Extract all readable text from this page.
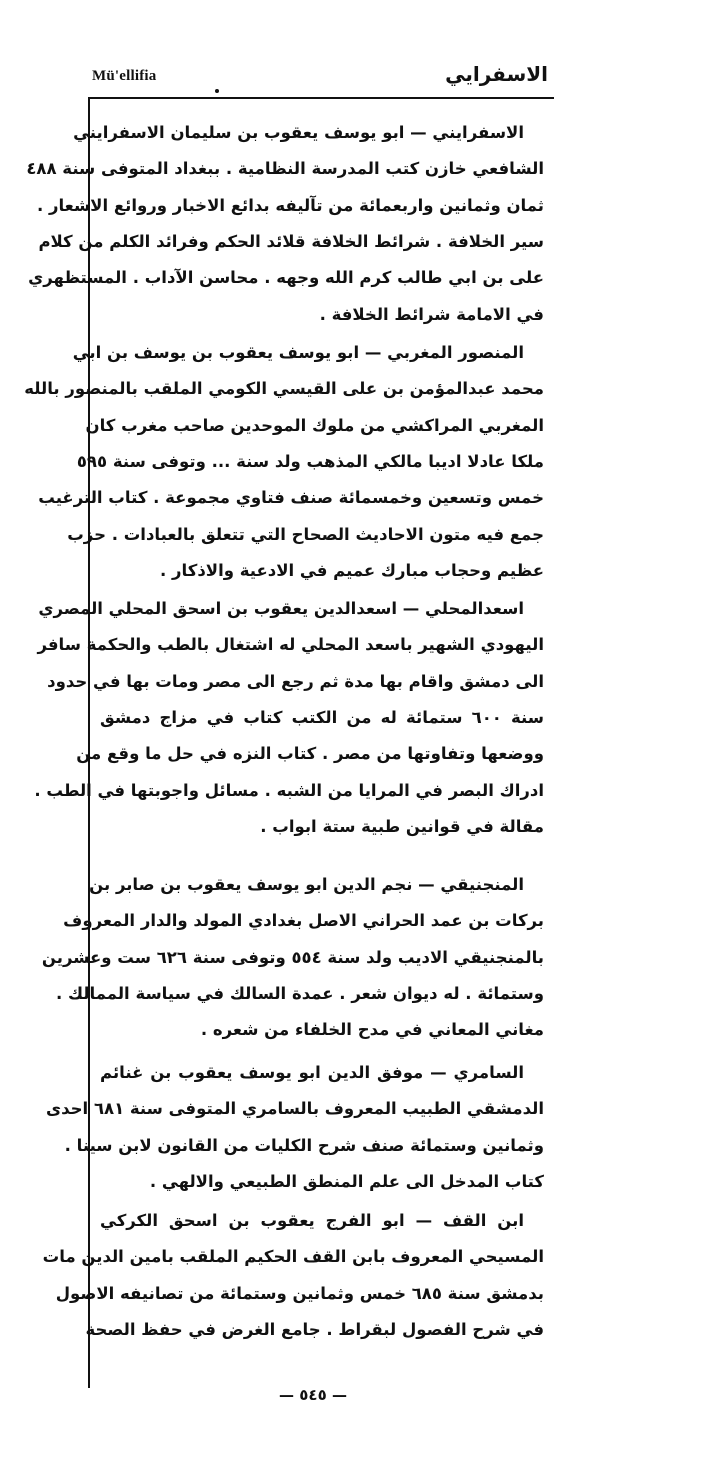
Mü'ellifia	الاسفرايي
الاسفرايني — ابو يوسف يعقوب بن سليمان الاسفرايني
الشافعي خازن كتب المدرسة النظامية . ببغداد المتوفى سنة ٤٨٨
ثمان وثمانين واربعمائة من تآليفه بدائع الاخبار وروائع الاشعار .
سير الخلافة . شرائط الخلافة قلائد الحكم وفرائد الكلم من كلام
على بن ابي طالب كرم الله وجهه . محاسن الآداب . المستظهري
في الامامة شرائط الخلافة .
المنصور المغربي — ابو يوسف يعقوب بن يوسف بن ابي
محمد عبدالمؤمن بن على القيسي الكومي الملقب بالمنصور بالله
المغربي المراكشي من ملوك الموحدين صاحب مغرب كان
ملكا عادلا اديبا مالكي المذهب ولد سنة ... وتوفى سنة ٥٩٥
خمس وتسعين وخمسمائة صنف فتاوي مجموعة . كتاب الترغيب
جمع فيه متون الاحاديث الصحاح التي تتعلق بالعبادات . حزب
عظيم وحجاب مبارك عميم في الادعية والاذكار .
اسعدالمحلي — اسعدالدين يعقوب بن اسحق المحلي المصري
اليهودي الشهير باسعد المحلي له اشتغال بالطب والحكمة سافر
الى دمشق واقام بها مدة ثم رجع الى مصر ومات بها في حدود
سنة ٦٠٠ ستمائة له من الكتب كتاب في مزاج دمشق
ووضعها وتفاوتها من مصر . كتاب النزه في حل ما وقع من
ادراك البصر في المرايا من الشبه . مسائل واجوبتها في الطب .
مقالة في قوانين طبية ستة ابواب .
المنجنيقي — نجم الدين ابو يوسف يعقوب بن صابر بن
بركات بن عمد الحراني الاصل بغدادي المولد والدار المعروف
بالمنجنيقي الاديب ولد سنة ٥٥٤ وتوفى سنة ٦٢٦ ست وعشرين
وستمائة . له ديوان شعر . عمدة السالك في سياسة الممالك .
مغاني المعاني في مدح الخلفاء من شعره .
السامري — موفق الدين ابو يوسف يعقوب بن غنائم
الدمشقي الطبيب المعروف بالسامري المتوفى سنة ٦٨١ احدى
وثمانين وستمائة صنف شرح الكليات من القانون لابن سينا .
كتاب المدخل الى علم المنطق الطبيعي والالهي .
ابن القف — ابو الفرج يعقوب بن اسحق الكركي
المسيحي المعروف بابن القف الحكيم الملقب بامين الدين مات
بدمشق سنة ٦٨٥ خمس وثمانين وستمائة من تصانيفه الاصول
في شرح الفصول لبقراط . جامع الغرض في حفظ الصحة
— ٥٤٥ —
